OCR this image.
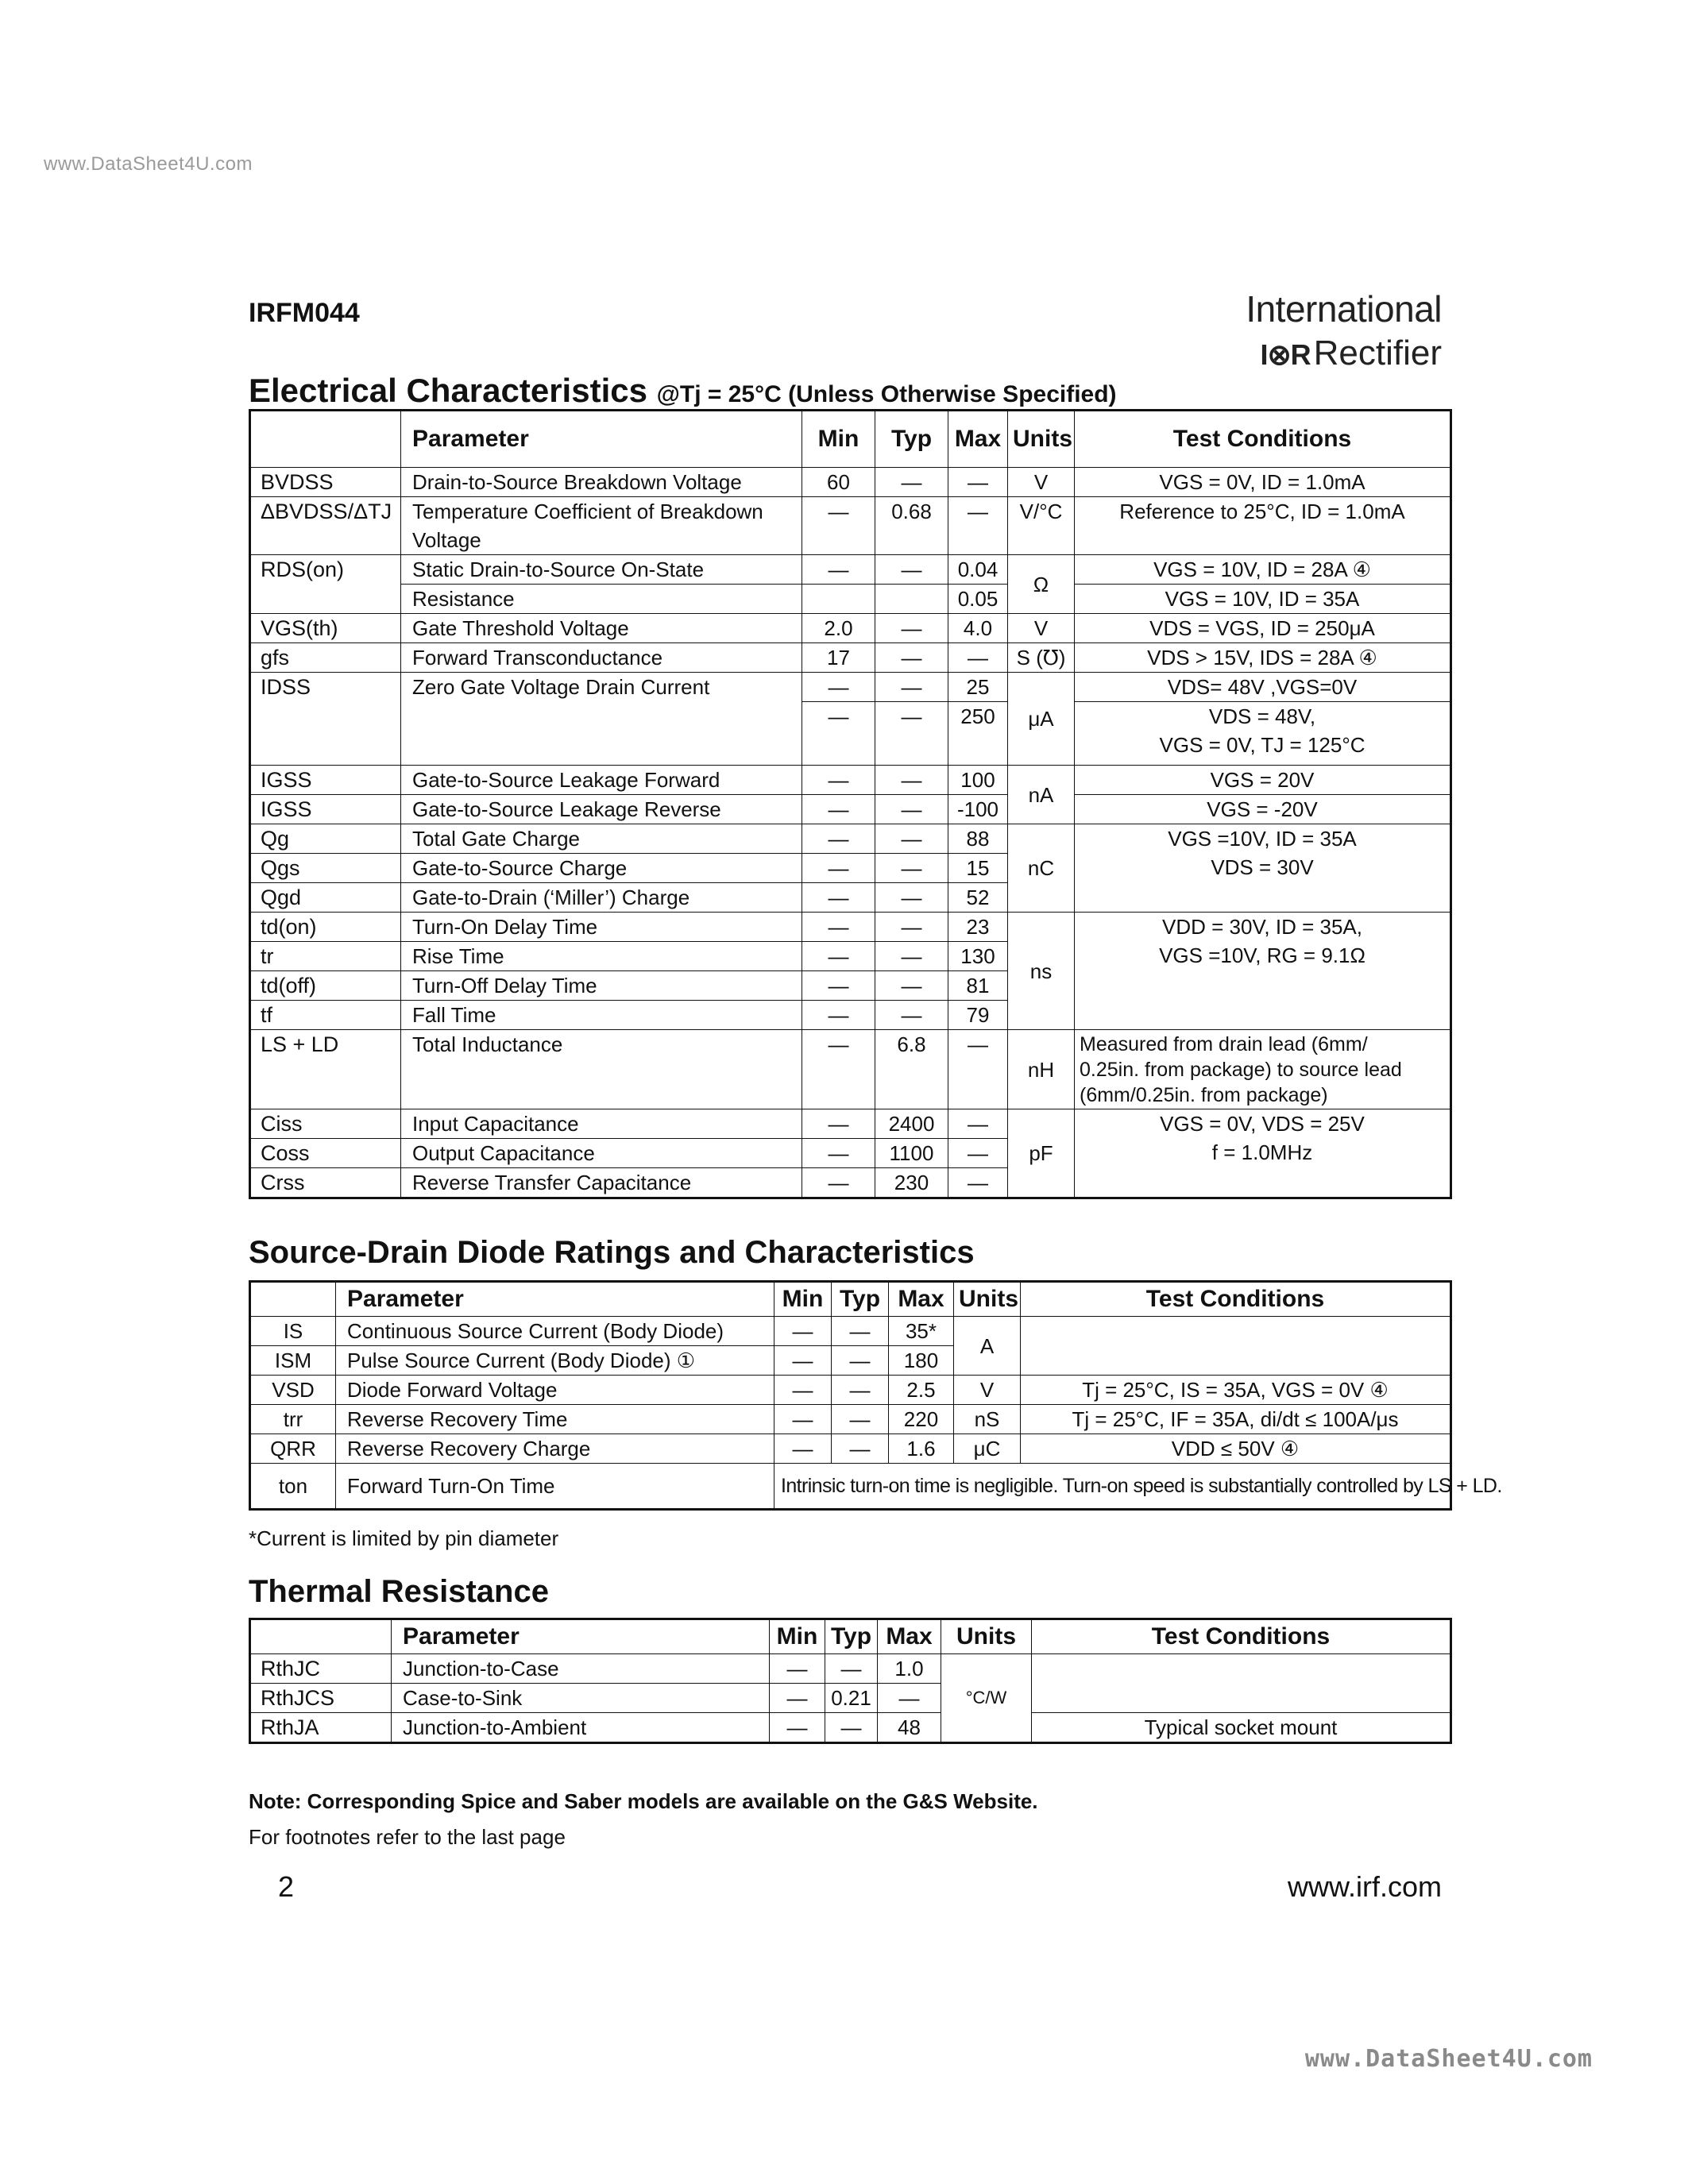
www.DataSheet4U.com
IRFM044	International
I⊗RRectifier
Electrical Characteristics @Tj = 25°C (Unless Otherwise Specified)
	Parameter	Min	Typ	Max	Units	Test Conditions
BVDSS	Drain-to-Source Breakdown Voltage	60	—	—	V	VGS = 0V, ID = 1.0mA
ΔBVDSS/ΔTJ	Temperature Coefficient of Breakdown Voltage	—	0.68	—	V/°C	Reference to 25°C, ID = 1.0mA
RDS(on)	Static Drain-to-Source On-State	—	—	0.04	Ω	VGS = 10V, ID = 28A ④
	Resistance			0.05		VGS = 10V, ID = 35A
VGS(th)	Gate Threshold Voltage	2.0	—	4.0	V	VDS = VGS, ID = 250μA
gfs	Forward Transconductance	17	—	—	S (℧)	VDS > 15V, IDS = 28A ④
IDSS	Zero Gate Voltage Drain Current	—	—	25	μA	VDS= 48V ,VGS=0V
		—	—	250		VDS = 48V,
VGS = 0V, TJ = 125°C

IGSS	Gate-to-Source Leakage Forward	—	—	100	nA	VGS = 20V
IGSS	Gate-to-Source Leakage Reverse	—	—	-100		VGS = -20V
Qg	Total Gate Charge	—	—	88	nC	VGS =10V, ID = 35A
VDS = 30V

Qgs	Gate-to-Source Charge	—	—	15		
Qgd	Gate-to-Drain (‘Miller’) Charge	—	—	52		
td(on)	Turn-On Delay Time	—	—	23	ns	VDD = 30V, ID = 35A,
VGS =10V, RG = 9.1Ω

tr	Rise Time	—	—	130		
td(off)	Turn-Off Delay Time	—	—	81		
tf	Fall Time	—	—	79		
LS + LD	Total Inductance	—	6.8	—	nH	Measured from drain lead (6mm/
0.25in. from package) to source lead
(6mm/0.25in. from package)

Ciss	Input Capacitance	—	2400	—	pF	VGS = 0V, VDS = 25V
f = 1.0MHz

Coss	Output Capacitance	—	1100	—		
Crss	Reverse Transfer Capacitance	—	230	—		
Source-Drain Diode Ratings and Characteristics
	Parameter	Min	Typ	Max	Units	Test Conditions
IS	Continuous Source Current (Body Diode)	—	—	35*	A	
ISM	Pulse Source Current (Body Diode) ①	—	—	180		
VSD	Diode Forward Voltage	—	—	2.5	V	Tj = 25°C, IS = 35A, VGS = 0V ④
trr	Reverse Recovery Time	—	—	220	nS	Tj = 25°C, IF = 35A, di/dt ≤ 100A/μs
QRR	Reverse Recovery Charge	—	—	1.6	μC	VDD ≤ 50V ④
ton	Forward Turn-On Time	Intrinsic turn-on time is negligible. Turn-on speed is substantially controlled by LS + LD.				
*Current is limited by pin diameter
Thermal Resistance
	Parameter	Min	Typ	Max	Units	Test Conditions
RthJC	Junction-to-Case	—	—	1.0	°C/W	
RthJCS	Case-to-Sink	—	0.21	—		
RthJA	Junction-to-Ambient	—	—	48		Typical socket mount
Note: Corresponding Spice and Saber models are available on the G&S Website.
For footnotes refer to the last page
2	www.irf.com
www.DataSheet4U.com
